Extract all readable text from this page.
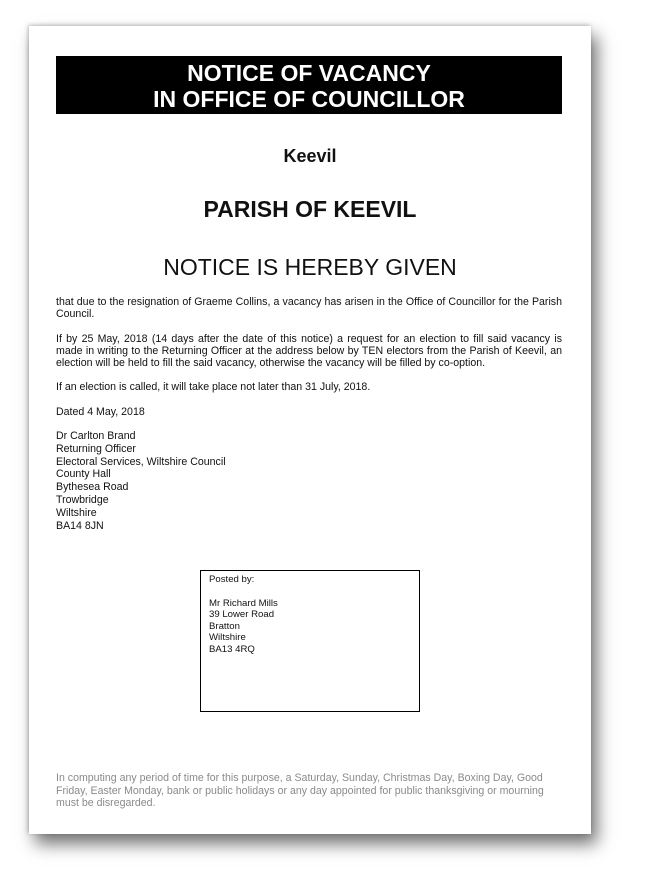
NOTICE OF VACANCY
IN OFFICE OF COUNCILLOR
Keevil
PARISH OF KEEVIL
NOTICE IS HEREBY GIVEN

that due to the resignation of Graeme Collins, a vacancy has arisen in the Office of Councillor for the Parish Council.

If by 25 May, 2018 (14 days after the date of this notice) a request for an election to fill said vacancy is made in writing to the Returning Officer at the address below by TEN electors from the Parish of Keevil, an election will be held to fill the said vacancy, otherwise the vacancy will be filled by co-option.

If an election is called, it will take place not later than 31 July, 2018.

Dated 4 May, 2018

Dr Carlton Brand
Returning Officer
Electoral Services, Wiltshire Council
County Hall
Bythesea Road
Trowbridge
Wiltshire
BA14 8JN
Posted by:
Mr Richard Mills
39 Lower Road
Bratton
Wiltshire
BA13 4RQ
In computing any period of time for this purpose, a Saturday, Sunday, Christmas Day, Boxing Day, Good Friday, Easter Monday, bank or public holidays or any day appointed for public thanksgiving or mourning must be disregarded.
